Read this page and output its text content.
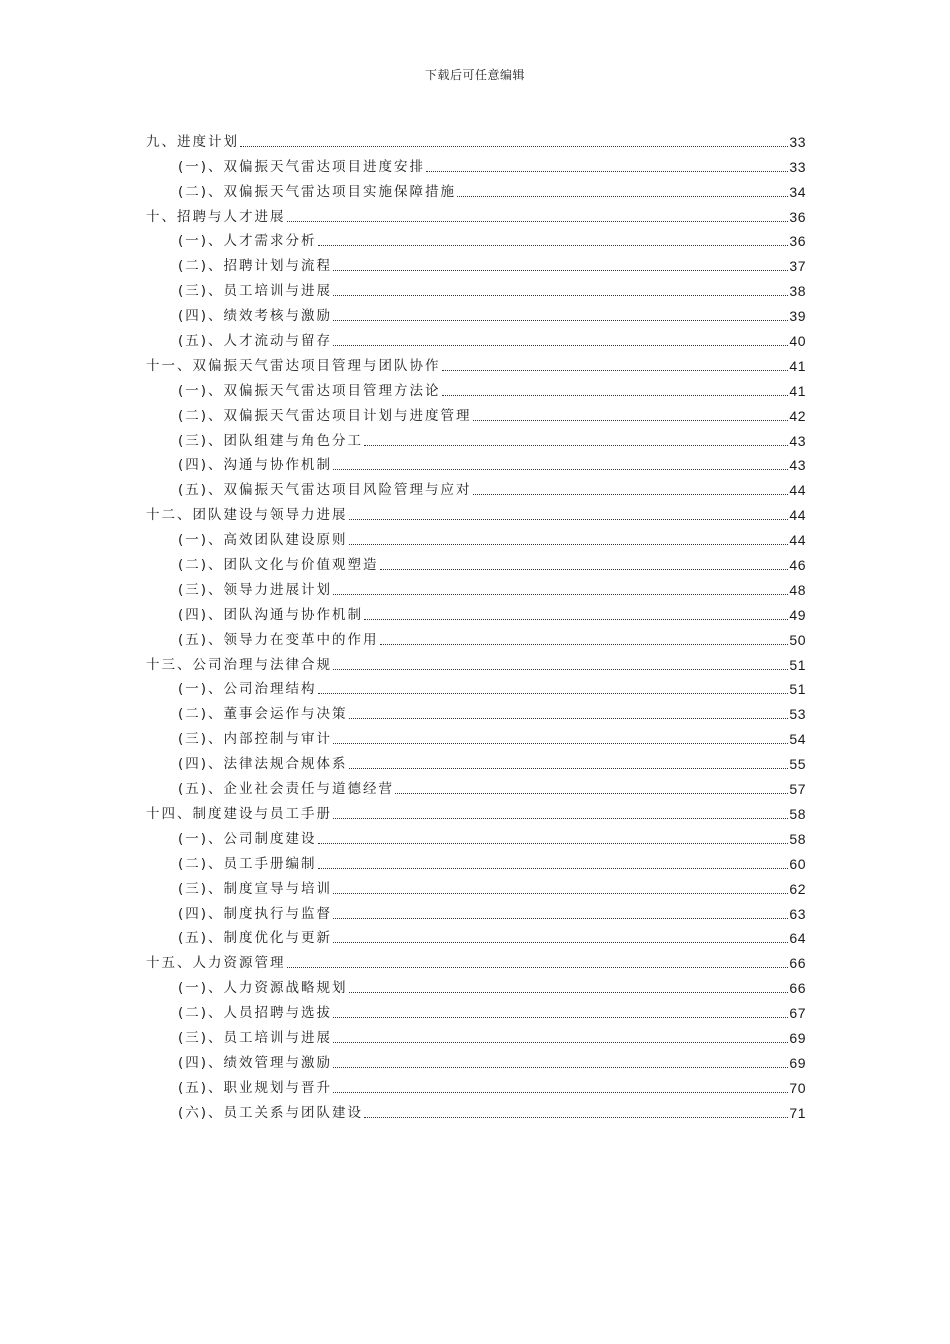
下载后可任意编辑
九、进度计划	33
(一)、双偏振天气雷达项目进度安排	33
(二)、双偏振天气雷达项目实施保障措施	34
十、招聘与人才进展	36
(一)、人才需求分析	36
(二)、招聘计划与流程	37
(三)、员工培训与进展	38
(四)、绩效考核与激励	39
(五)、人才流动与留存	40
十一、双偏振天气雷达项目管理与团队协作	41
(一)、双偏振天气雷达项目管理方法论	41
(二)、双偏振天气雷达项目计划与进度管理	42
(三)、团队组建与角色分工	43
(四)、沟通与协作机制	43
(五)、双偏振天气雷达项目风险管理与应对	44
十二、团队建设与领导力进展	44
(一)、高效团队建设原则	44
(二)、团队文化与价值观塑造	46
(三)、领导力进展计划	48
(四)、团队沟通与协作机制	49
(五)、领导力在变革中的作用	50
十三、公司治理与法律合规	51
(一)、公司治理结构	51
(二)、董事会运作与决策	53
(三)、内部控制与审计	54
(四)、法律法规合规体系	55
(五)、企业社会责任与道德经营	57
十四、制度建设与员工手册	58
(一)、公司制度建设	58
(二)、员工手册编制	60
(三)、制度宣导与培训	62
(四)、制度执行与监督	63
(五)、制度优化与更新	64
十五、人力资源管理	66
(一)、人力资源战略规划	66
(二)、人员招聘与选拔	67
(三)、员工培训与进展	69
(四)、绩效管理与激励	69
(五)、职业规划与晋升	70
(六)、员工关系与团队建设	71
